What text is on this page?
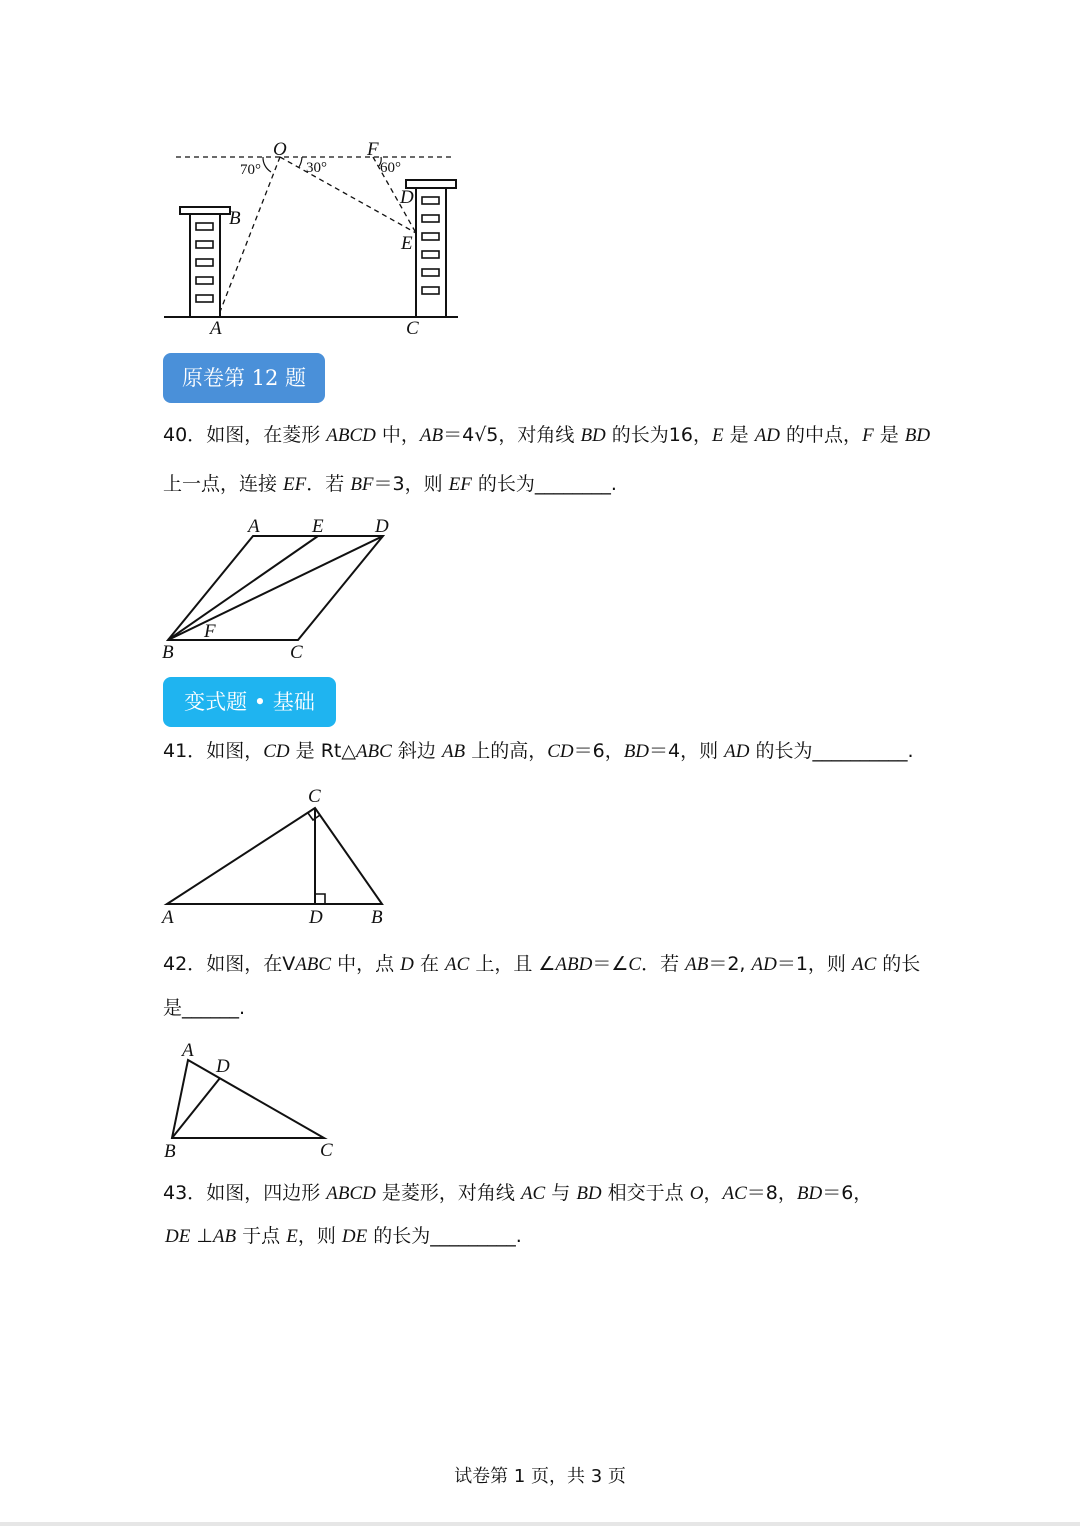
O	F
B
D
E
A	C
70°	30°	60°
原卷第 12 题
40．如图，在菱形 ABCD 中，AB＝4√5，对角线 BD 的长为16，E 是 AD 的中点，F 是 BD
上一点，连接 EF．若 BF＝3，则 EF 的长为________.
A	E	D
F
B	C
变式题 • 基础
41．如图，CD 是 Rt△ABC 斜边 AB 上的高，CD＝6，BD＝4，则 AD 的长为__________.
C
A	D	B
42．如图，在VABC 中，点 D 在 AC 上，且 ∠ABD＝∠C．若 AB＝2, AD＝1，则 AC 的长
是______.
A
D
B	C
43．如图，四边形 ABCD 是菱形，对角线 AC 与 BD 相交于点 O，AC＝8，BD＝6，
DE ⊥AB 于点 E，则 DE 的长为_________.
试卷第 1 页，共 3 页
